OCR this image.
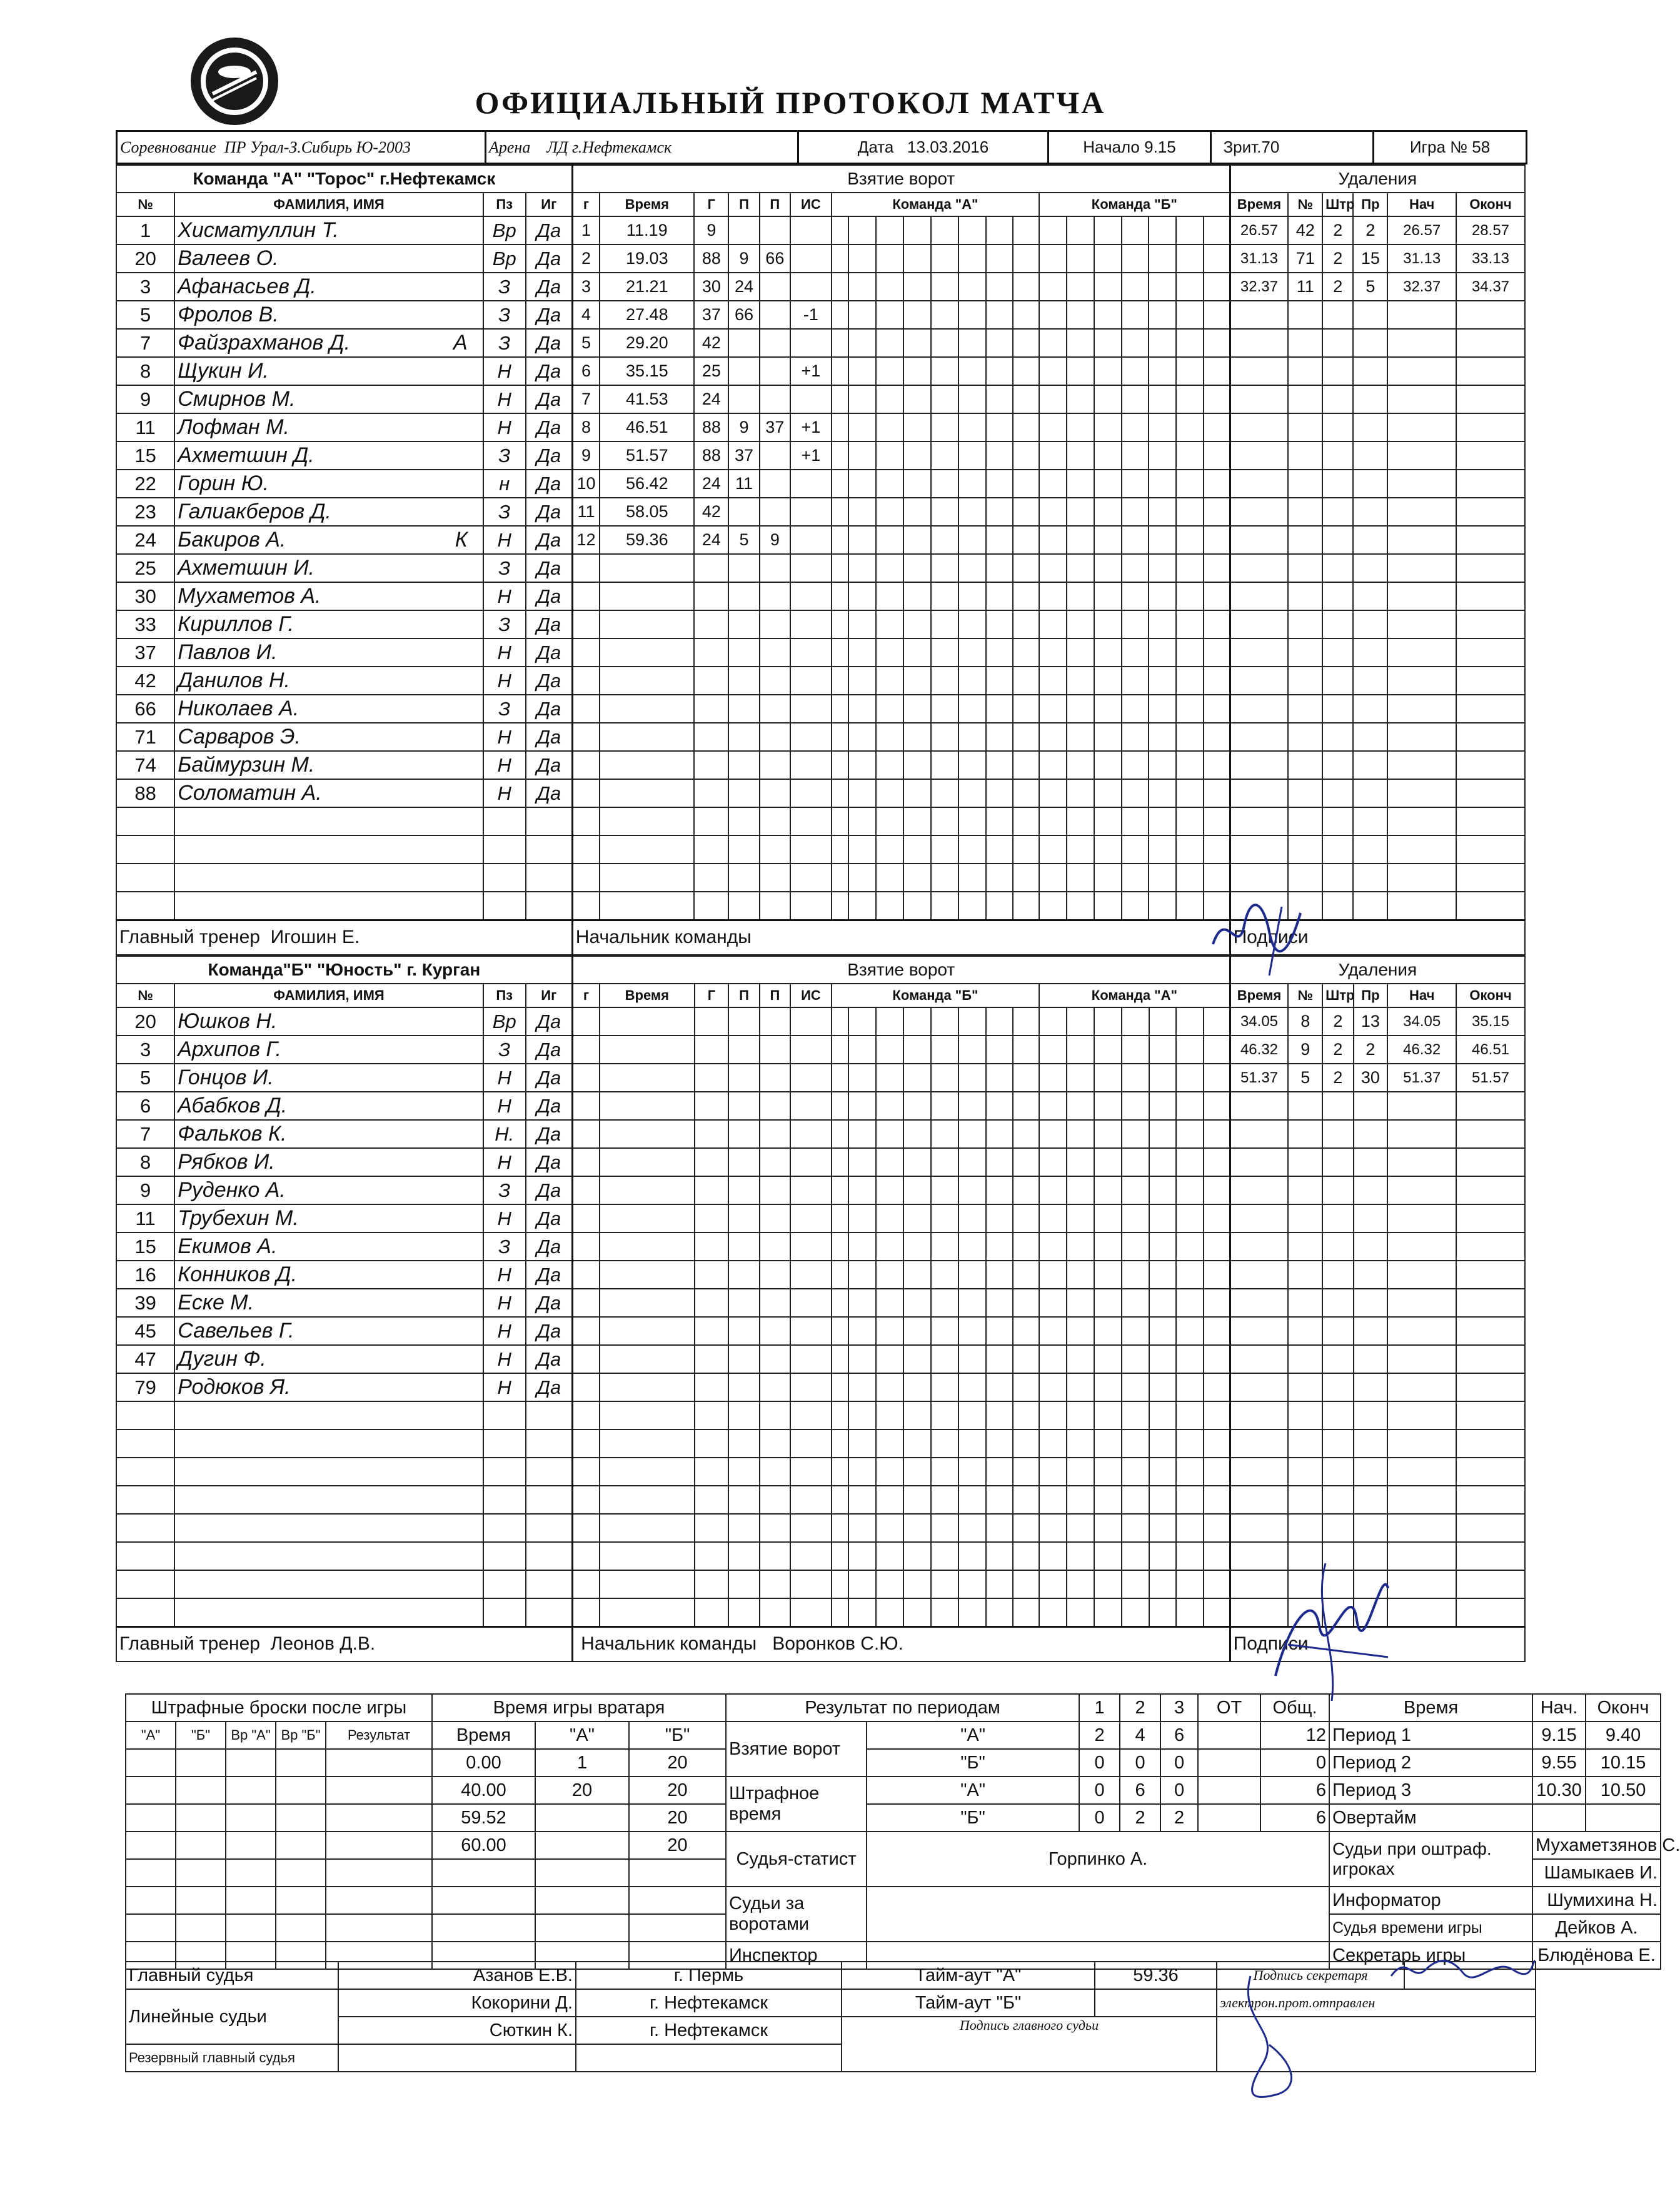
ОФИЦИАЛЬНЫЙ ПРОТОКОЛ МАТЧА
Соревнование ПР Урал-З.Сибирь Ю-2003	Арена ЛД г.Нефтекамск	Дата 13.03.2016	Начало 9.15	Зрит.70	Игра № 58
Команда "А" "Торос" г.Нефтекамск				Взятие ворот																					Удаления					
№	ФАМИЛИЯ, ИМЯ	Пз	Иг	г	Время	Г	П	П	ИС	Команда "А"								Команда "Б"							Время	№	Штр	Пр	Нач	Оконч
1	Хисматуллин Т.	Вр	Да	1	11.19	9																			26.57	42	2	2	26.57	28.57
20	Валеев О.	Вр	Да	2	19.03	88	9	66																	31.13	71	2	15	31.13	33.13
3	Афанасьев Д.	З	Да	3	21.21	30	24																		32.37	11	2	5	32.37	34.37
5	Фролов В.	З	Да	4	27.48	37	66		-1																					
7	Файзрахманов Д. А	З	Да	5	29.20	42																								
8	Щукин И.	Н	Да	6	35.15	25			+1																					
9	Смирнов М.	Н	Да	7	41.53	24																								
11	Лофман М.	Н	Да	8	46.51	88	9	37	+1																					
15	Ахметшин Д.	З	Да	9	51.57	88	37		+1																					
22	Горин Ю.	н	Да	10	56.42	24	11																							
23	Галиакберов Д.	З	Да	11	58.05	42																								
24	Бакиров А. К	Н	Да	12	59.36	24	5	9																						
25	Ахметшин И.	З	Да																											
30	Мухаметов А.	Н	Да																											
33	Кириллов Г.	З	Да																											
37	Павлов И.	Н	Да																											
42	Данилов Н.	Н	Да																											
66	Николаев А.	З	Да																											
71	Сарваров Э.	Н	Да																											
74	Баймурзин М.	Н	Да																											
88	Соломатин А.	Н	Да																											

Главный тренер Игошин Е.				Начальник команды																					Подписи					
Команда"Б" "Юность" г. Курган				Взятие ворот																					Удаления					
№	ФАМИЛИЯ, ИМЯ	Пз	Иг	г	Время	Г	П	П	ИС	Команда "Б"								Команда "А"							Время	№	Штр	Пр	Нач	Оконч
20	Юшков Н.	Вр	Да																						34.05	8	2	13	34.05	35.15
3	Архипов Г.	З	Да																						46.32	9	2	2	46.32	46.51
5	Гонцов И.	Н	Да																						51.37	5	2	30	51.37	51.57
6	Абабков Д.	Н	Да																											
7	Фальков К.	Н.	Да																											
8	Рябков И.	Н	Да																											
9	Руденко А.	З	Да																											
11	Трубехин М.	Н	Да																											
15	Екимов А.	З	Да																											
16	Конников Д.	Н	Да																											
39	Еске М.	Н	Да																											
45	Савельев Г.	Н	Да																											
47	Дугин Ф.	Н	Да																											
79	Родюков Я.	Н	Да																											

Главный тренер Леонов Д.В.				Начальник команды Воронков С.Ю.																					Подписи					
Штрафные броски после игры					Время игры вратаря			Результат по периодам		1	2	3	ОТ	Общ.	Время	Нач.	Оконч
"А"	"Б"	Вр "А"	Вр "Б"	Результат	Время	"А"	"Б"	Взятие ворот	"А"	2	4	6		12	Период 1	9.15	9.40
					0.00	1	20		"Б"	0	0	0		0	Период 2	9.55	10.15
					40.00	20	20	Штрафное время	"А"	0	6	0		6	Период 3	10.30	10.50
					59.52		20		"Б"	0	2	2		6	Овертайм		
					60.00		20	Судья-статист	Горпинко А.						Судьи при оштраф. игроках	Мухаметзянов С.	
																Шамыкаев И.	
								Судьи за воротами							Информатор	Шумихина Н.	
															Судья времени игры	Дейков А.	
								Инспектор							Секретарь игры	Блюдёнова Е.	
Главный судья	Азанов Е.В.	г. Пермь	Тайм-аут "А"	59.36	Подпись секретаря	
Линейные судьи	Кокорини Д.	г. Нефтекамск	Тайм-аут "Б"		электрон.прот.отправлен	
	Сюткин К.	г. Нефтекамск	Подпись главного судьи			
Резервный главный судья						
